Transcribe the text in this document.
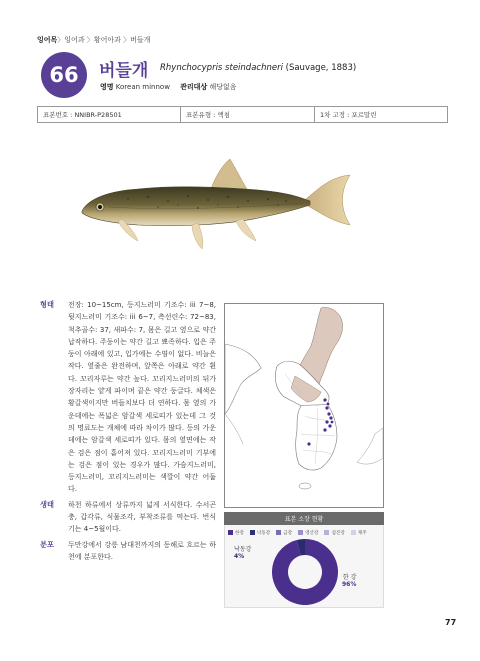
잉어목〉잉어과 〉황어아과 〉버들개
66 버들개 Rhynchocypris steindachneri (Sauvage, 1883)
영명 Korean minnow 관리대상 해당없음
표본번호 : NNIBR-P28501	표본유형 : 액침	1차 고정 : 포르말린
형태 전장: 10~15cm, 등지느러미 기조수: iii 7~8, 뒷지느러미 기조수: iii 6~7, 측선린수: 72~83, 척추골수: 37, 새파수: 7, 몸은 길고 옆으로 약간 납작하다. 주둥이는 약간 길고 뾰족하다. 입은 주둥이 아래에 있고, 입가에는 수염이 없다. 비늘은 작다. 옆줄은 완전하며, 앞쪽은 아래로 약간 휜다. 꼬리자루는 약간 높다. 꼬리지느러미의 뒤가장자리는 얕게 파이며 끝은 약간 둥글다. 체색은 황갈색이지만 버들치보다 더 연하다. 몸 옆의 가운데에는 폭넓은 암갈색 세로띠가 있는데 그 것의 명료도는 개체에 따라 차이가 많다. 등의 가운데에는 암갈색 세로띠가 있다. 몸의 옆면에는 작은 검은 점이 흩어져 있다. 꼬리지느러미 기부에는 검은 점이 있는 경우가 많다. 가슴지느러미, 등지느러미, 꼬리지느러미는 색깔이 약간 어둡다.
생태 하천 하류에서 상류까지 넓게 서식한다. 수서곤충, 갑각류, 식물조각, 부착조류를 먹는다. 번식기는 4~5월이다.
분포 두만강에서 강릉 남대천까지의 동해로 흐르는 하천에 분포한다.
표본 소장 현황
한강	낙동강	금강	영산강	섬진강	제주
낙동강
4%
한 강
96%
77
